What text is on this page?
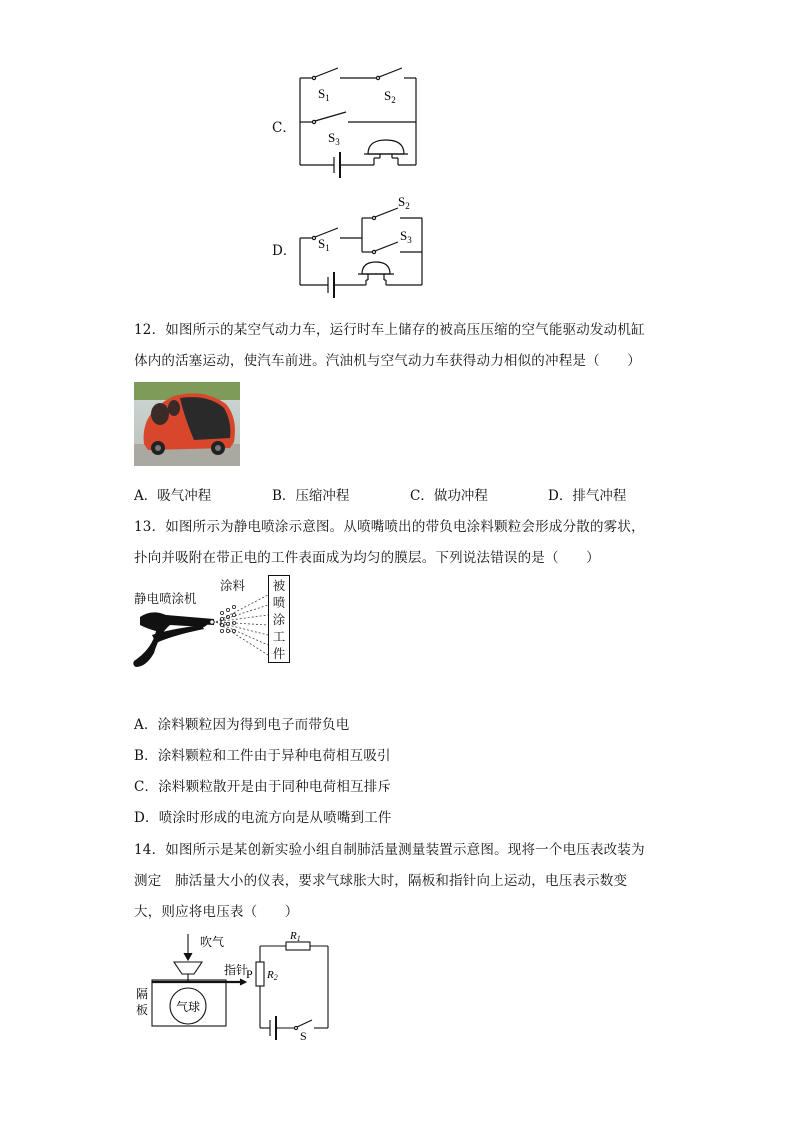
C．
$S_1$	$S_2$
$S_3$
D． $S_1$
$S_2$
$S_3$
12．如图所示的某空气动力车，运行时车上储存的被高压压缩的空气能驱动发动机缸
体内的活塞运动，使汽车前进。汽油机与空气动力车获得动力相似的冲程是（　　）
A．吸气冲程	B．压缩冲程	C．做功冲程	D．排气冲程
13．如图所示为静电喷涂示意图。从喷嘴喷出的带负电涂料颗粒会形成分散的雾状，
扑向并吸附在带正电的工件表面成为均匀的膜层。下列说法错误的是（　　）
静电喷涂机
涂料 被
喷
涂
工
件
A．涂料颗粒因为得到电子而带负电
B．涂料颗粒和工件由于异种电荷相互吸引
C．涂料颗粒散开是由于同种电荷相互排斥
D．喷涂时形成的电流方向是从喷嘴到工件
14．如图所示是某创新实验小组自制肺活量测量装置示意图。现将一个电压表改装为
测定　肺活量大小的仪表，要求气球胀大时，隔板和指针向上运动，电压表示数变
大，则应将电压表（　　）
吹气
指针
P
R1
R2
隔
板 气球
S
